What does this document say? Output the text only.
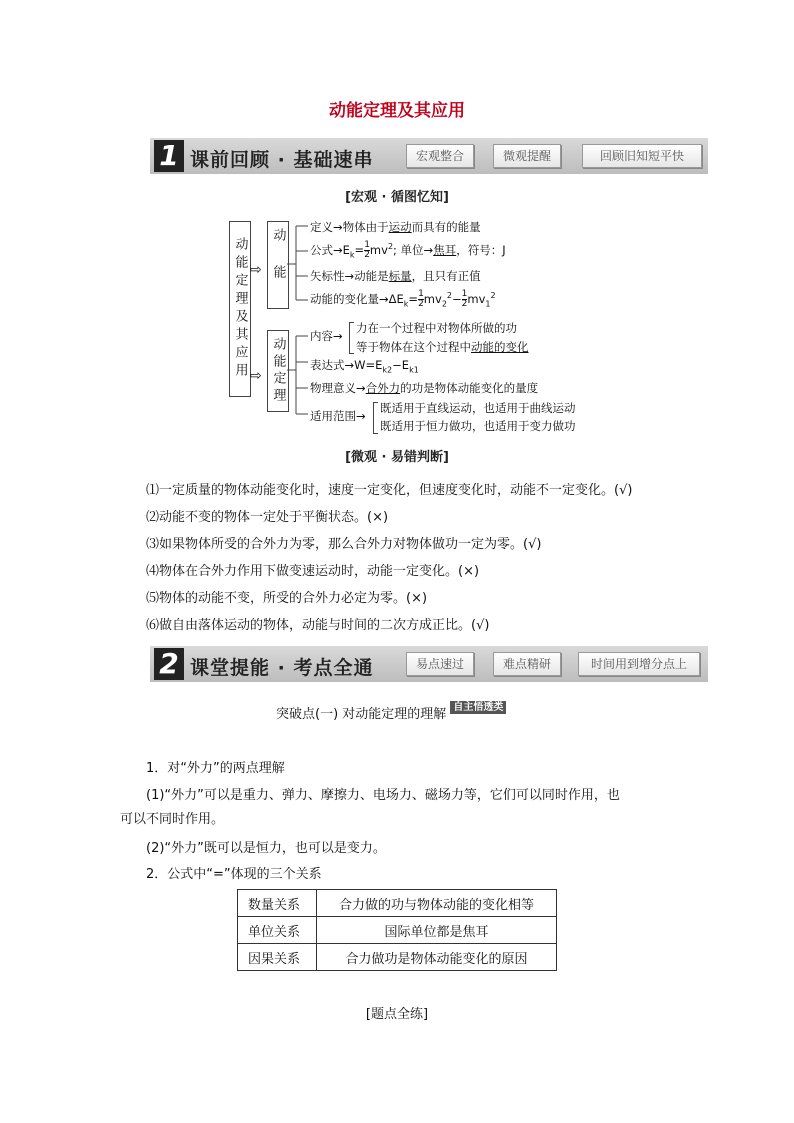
动能定理及其应用
1 课前回顾 · 基础速串	宏观整合	微观提醒	回顾旧知短平快
[宏观 · 循图忆知]
动能定理及其应用 ⇨
⇨
动能
动能定理
定义→物体由于运动而具有的能量
公式$\to E_k= \frac{1}{2} mv^2$; 单位→焦耳，符号：J
矢标性→动能是标量，且只有正值
动能的变化量$\to\Delta E_k= \frac{1}{2} mv_2^2- \frac{1}{2} mv_1^2$
内容→
力在一个过程中对物体所做的功
等于物体在这个过程中动能的变化
表达式$\to W=E_{k2}-E_{k1}$
物理意义→合外力的功是物体动能变化的量度
适用范围→
既适用于直线运动，也适用于曲线运动
既适用于恒力做功，也适用于变力做功
[微观 · 易错判断]
⑴一定质量的物体动能变化时，速度一定变化，但速度变化时，动能不一定变化。(√)
⑵动能不变的物体一定处于平衡状态。(×)
⑶如果物体所受的合外力为零，那么合外力对物体做功一定为零。(√)
⑷物体在合外力作用下做变速运动时，动能一定变化。(×)
⑸物体的动能不变，所受的合外力必定为零。(×)
⑹做自由落体运动的物体，动能与时间的二次方成正比。(√)
2 课堂提能 · 考点全通	易点速过	难点精研	时间用到增分点上
突破点(一) 对动能定理的理解 $^{自主悟透类}$
1．对“外力”的两点理解
(1)“外力”可以是重力、弹力、摩擦力、电场力、磁场力等，它们可以同时作用，也
可以不同时作用。
(2)“外力”既可以是恒力，也可以是变力。
2．公式中“=”体现的三个关系
数量关系	合力做的功与物体动能的变化相等
单位关系	国际单位都是焦耳
因果关系	合力做功是物体动能变化的原因
[题点全练]
